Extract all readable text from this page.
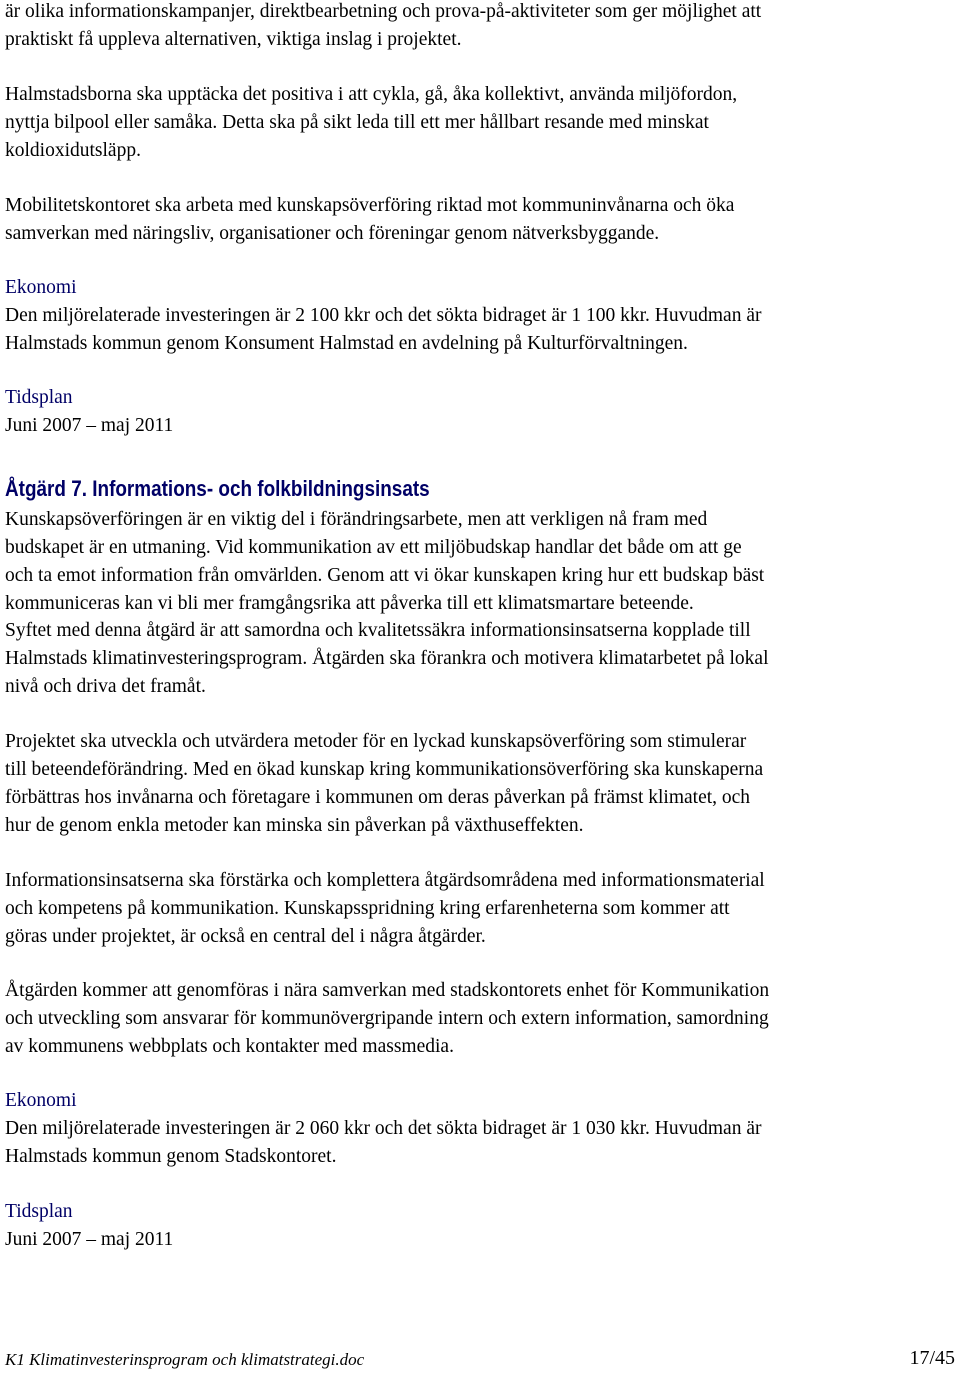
är olika informationskampanjer, direktbearbetning och prova-på-aktiviteter som ger möjlighet att
praktiskt få uppleva alternativen, viktiga inslag i projektet.
Halmstadsborna ska upptäcka det positiva i att cykla, gå, åka kollektivt, använda miljöfordon,
nyttja bilpool eller samåka. Detta ska på sikt leda till ett mer hållbart resande med minskat
koldioxidutsläpp.
Mobilitetskontoret ska arbeta med kunskapsöverföring riktad mot kommuninvånarna och öka
samverkan med näringsliv, organisationer och föreningar genom nätverksbyggande.
Ekonomi
Den miljörelaterade investeringen är 2 100 kkr och det sökta bidraget är 1 100 kkr. Huvudman är
Halmstads kommun genom Konsument Halmstad en avdelning på Kulturförvaltningen.
Tidsplan
Juni 2007 – maj 2011
Åtgärd 7. Informations- och folkbildningsinsats
Kunskapsöverföringen är en viktig del i förändringsarbete, men att verkligen nå fram med
budskapet är en utmaning. Vid kommunikation av ett miljöbudskap handlar det både om att ge
och ta emot information från omvärlden. Genom att vi ökar kunskapen kring hur ett budskap bäst
kommuniceras kan vi bli mer framgångsrika att påverka till ett klimatsmartare beteende.
Syftet med denna åtgärd är att samordna och kvalitetssäkra informationsinsatserna kopplade till
Halmstads klimatinvesteringsprogram. Åtgärden ska förankra och motivera klimatarbetet på lokal
nivå och driva det framåt.
Projektet ska utveckla och utvärdera metoder för en lyckad kunskapsöverföring som stimulerar
till beteendeförändring. Med en ökad kunskap kring kommunikationsöverföring ska kunskaperna
förbättras hos invånarna och företagare i kommunen om deras påverkan på främst klimatet, och
hur de genom enkla metoder kan minska sin påverkan på växthuseffekten.
Informationsinsatserna ska förstärka och komplettera åtgärdsområdena med informationsmaterial
och kompetens på kommunikation. Kunskapsspridning kring erfarenheterna som kommer att
göras under projektet, är också en central del i några åtgärder.
Åtgärden kommer att genomföras i nära samverkan med stadskontorets enhet för Kommunikation
och utveckling som ansvarar för kommunövergripande intern och extern information, samordning
av kommunens webbplats och kontakter med massmedia.
Ekonomi
Den miljörelaterade investeringen är 2 060 kkr och det sökta bidraget är 1 030 kkr. Huvudman är
Halmstads kommun genom Stadskontoret.
Tidsplan
Juni 2007 – maj 2011
K1 Klimatinvesterinsprogram och klimatstrategi.doc	17/45
